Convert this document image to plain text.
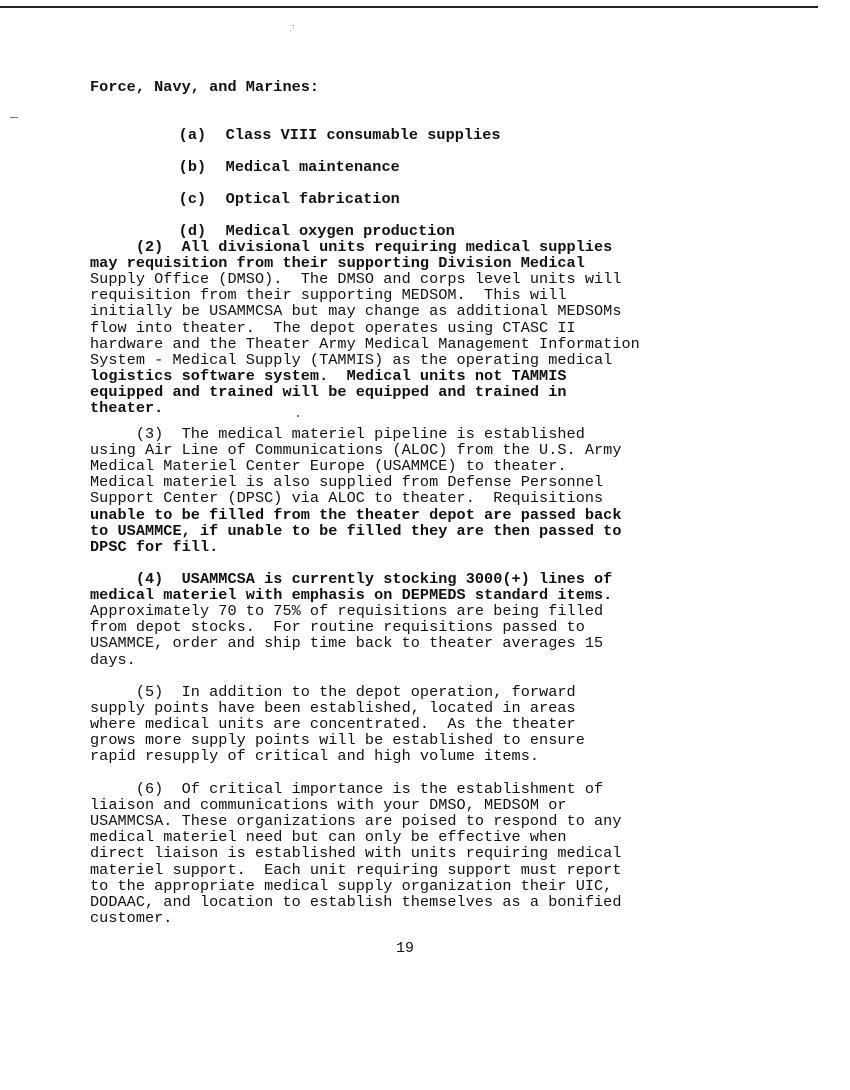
Force, Navy, and Marines:

(a) Class VIII consumable supplies

(b) Medical maintenance

(c) Optical fabrication

(d) Medical oxygen production

(2)  All divisional units requiring medical supplies
may requisition from their supporting Division Medical
Supply Office (DMSO).  The DMSO and corps level units will
requisition from their supporting MEDSOM.  This will
initially be USAMMCSA but may change as additional MEDSOMs
flow into theater.  The depot operates using CTASC II
hardware and the Theater Army Medical Management Information
System - Medical Supply (TAMMIS) as the operating medical
logistics software system.  Medical units not TAMMIS
equipped and trained will be equipped and trained in
theater.
(3)  The medical materiel pipeline is established
using Air Line of Communications (ALOC) from the U.S. Army
Medical Materiel Center Europe (USAMMCE) to theater.
Medical materiel is also supplied from Defense Personnel
Support Center (DPSC) via ALOC to theater.  Requisitions
unable to be filled from the theater depot are passed back
to USAMMCE, if unable to be filled they are then passed to
DPSC for fill.
(4)  USAMMCSA is currently stocking 3000(+) lines of
medical materiel with emphasis on DEPMEDS standard items.
Approximately 70 to 75% of requisitions are being filled
from depot stocks.  For routine requisitions passed to
USAMMCE, order and ship time back to theater averages 15
days.
(5)  In addition to the depot operation, forward
supply points have been established, located in areas
where medical units are concentrated.  As the theater
grows more supply points will be established to ensure
rapid resupply of critical and high volume items.
(6)  Of critical importance is the establishment of
liaison and communications with your DMSO, MEDSOM or
USAMMCSA. These organizations are poised to respond to any
medical materiel need but can only be effective when
direct liaison is established with units requiring medical
materiel support.  Each unit requiring support must report
to the appropriate medical supply organization their UIC,
DODAAC, and location to establish themselves as a bonified
customer.
19
